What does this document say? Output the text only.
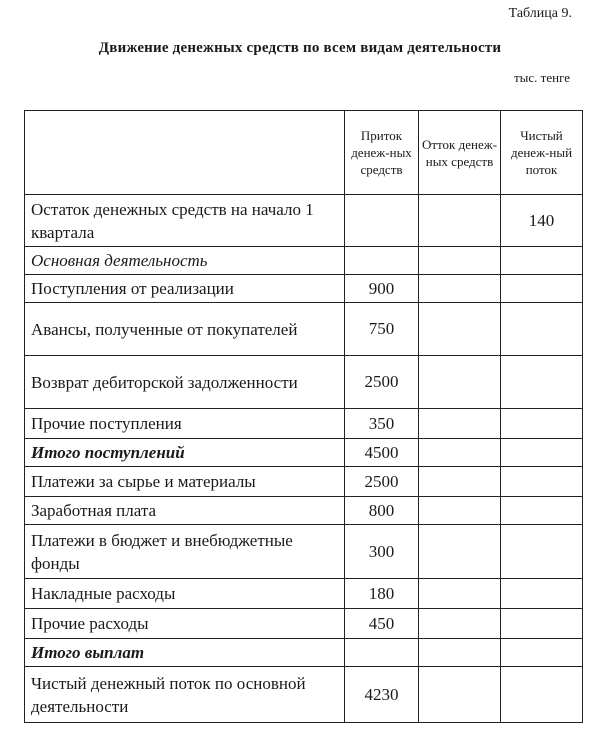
Таблица 9.
Движение денежных средств по всем видам деятельности
тыс. тенге
	Приток денеж-ных средств	Отток денеж-ных средств	Чистый денеж-ный поток
Остаток денежных средств на начало 1 квартала			140
Основная деятельность			
Поступления от реализации	900		
Авансы, полученные от покупателей	750		
Возврат дебиторской задолженности	2500		
Прочие поступления	350		
Итого поступлений	4500		
Платежи за сырье и материалы	2500		
Заработная плата	800		
Платежи в бюджет и внебюджетные фонды	300		
Накладные расходы	180		
Прочие расходы	450		
Итого выплат			
Чистый денежный поток по основной деятельности	4230		
